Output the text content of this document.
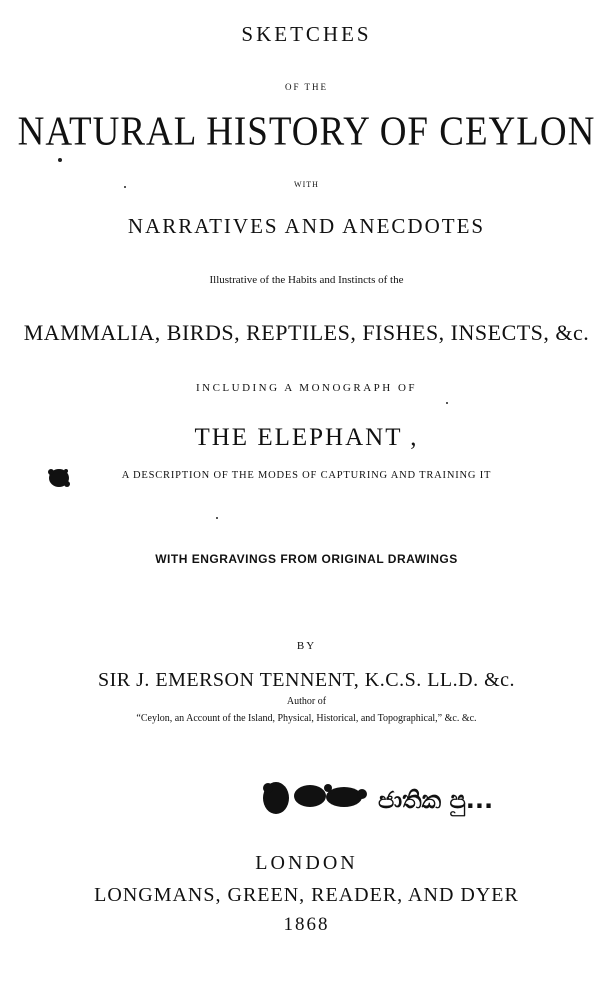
SKETCHES
OF THE
NATURAL HISTORY OF CEYLON
WITH
NARRATIVES AND ANECDOTES
Illustrative of the Habits and Instincts of the
MAMMALIA, BIRDS, REPTILES, FISHES, INSECTS, &c.
INCLUDING A MONOGRAPH OF
THE ELEPHANT ,
A DESCRIPTION OF THE MODES OF CAPTURING AND TRAINING IT
WITH ENGRAVINGS FROM ORIGINAL DRAWINGS
BY
SIR J. EMERSON TENNENT, K.C.S. LL.D. &c.
Author of
“Ceylon, an Account of the Island, Physical, Historical, and Topographical,” &c. &c.
LONDON
LONGMANS, GREEN, READER, AND DYER
1868
ජාතික පු...
